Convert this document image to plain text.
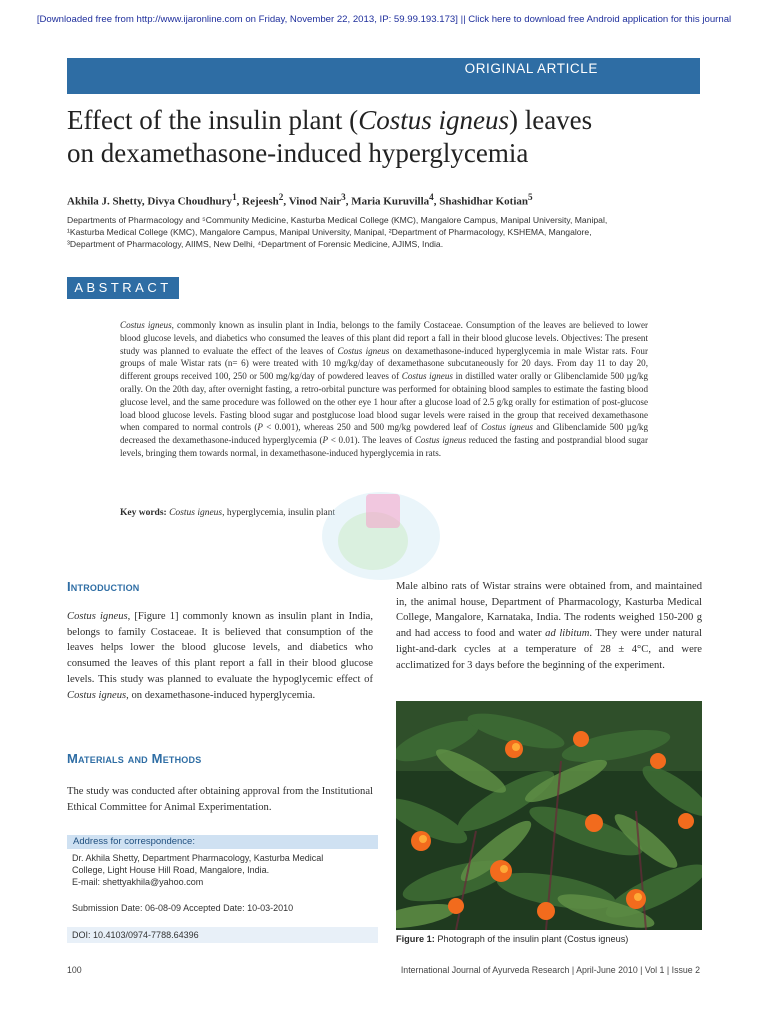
[Downloaded free from http://www.ijaronline.com on Friday, November 22, 2013, IP: 59.99.193.173] || Click here to download free Android application for this journal
ORIGINAL ARTICLE
Effect of the insulin plant (Costus igneus) leaves
on dexamethasone-induced hyperglycemia
Akhila J. Shetty, Divya Choudhury$^1$, Rejeesh$^2$, Vinod Nair$^3$, Maria Kuruvilla$^4$, Shashidhar Kotian$^5$
Departments of Pharmacology and ⁵Community Medicine, Kasturba Medical College (KMC), Mangalore Campus, Manipal University, Manipal,
¹Kasturba Medical College (KMC), Mangalore Campus, Manipal University, Manipal, ²Department of Pharmacology, KSHEMA, Mangalore,
³Department of Pharmacology, AIIMS, New Delhi, ⁴Department of Forensic Medicine, AJIMS, India.
ABSTRACT
Costus igneus, commonly known as insulin plant in India, belongs to the family Costaceae. Consumption of the leaves are believed to lower blood glucose levels, and diabetics who consumed the leaves of this plant did report a fall in their blood glucose levels. Objectives: The present study was planned to evaluate the effect of the leaves of Costus igneus on dexamethasone-induced hyperglycemia in male Wistar rats. Four groups of male Wistar rats (n= 6) were treated with 10 mg/kg/day of dexamethasone subcutaneously for 20 days. From day 11 to day 20, different groups received 100, 250 or 500 mg/kg/day of powdered leaves of Costus igneus in distilled water orally or Glibenclamide 500 µg/kg orally. On the 20th day, after overnight fasting, a retro-orbital puncture was performed for obtaining blood samples to estimate the fasting blood glucose level, and the same procedure was followed on the other eye 1 hour after a glucose load of 2.5 g/kg orally for estimation of post-glucose load blood glucose levels. Fasting blood sugar and postglucose load blood sugar levels were raised in the group that received dexamethasone when compared to normal controls (P < 0.001), whereas 250 and 500 mg/kg powdered leaf of Costus igneus and Glibenclamide 500 µg/kg decreased the dexamethasone-induced hyperglycemia (P < 0.01). The leaves of Costus igneus reduced the fasting and postprandial blood sugar levels, bringing them towards normal, in dexamethasone-induced hyperglycemia in rats.
Key words: Costus igneus, hyperglycemia, insulin plant
Introduction
Costus igneus, [Figure 1] commonly known as insulin plant in India, belongs to family Costaceae. It is believed that consumption of the leaves helps lower the blood glucose levels, and diabetics who consumed the leaves of this plant report a fall in their blood glucose levels. This study was planned to evaluate the hypoglycemic effect of Costus igneus, on dexamethasone-induced hyperglycemia.
Materials and Methods
The study was conducted after obtaining approval from the Institutional Ethical Committee for Animal Experimentation.
Address for correspondence:
Dr. Akhila Shetty, Department Pharmacology, Kasturba Medical
College, Light House Hill Road, Mangalore, India.
E-mail: shettyakhila@yahoo.com
Submission Date: 06-08-09 Accepted Date: 10-03-2010
DOI: 10.4103/0974-7788.64396
Male albino rats of Wistar strains were obtained from, and maintained in, the animal house, Department of Pharmacology, Kasturba Medical College, Mangalore, Karnataka, India. The rodents weighed 150-200 g and had access to food and water ad libitum. They were under natural light-and-dark cycles at a temperature of 28 ± 4°C, and were acclimatized for 3 days before the beginning of the experiment.
Figure 1: Photograph of the insulin plant (Costus igneus)
100	International Journal of Ayurveda Research | April-June 2010 | Vol 1 | Issue 2
